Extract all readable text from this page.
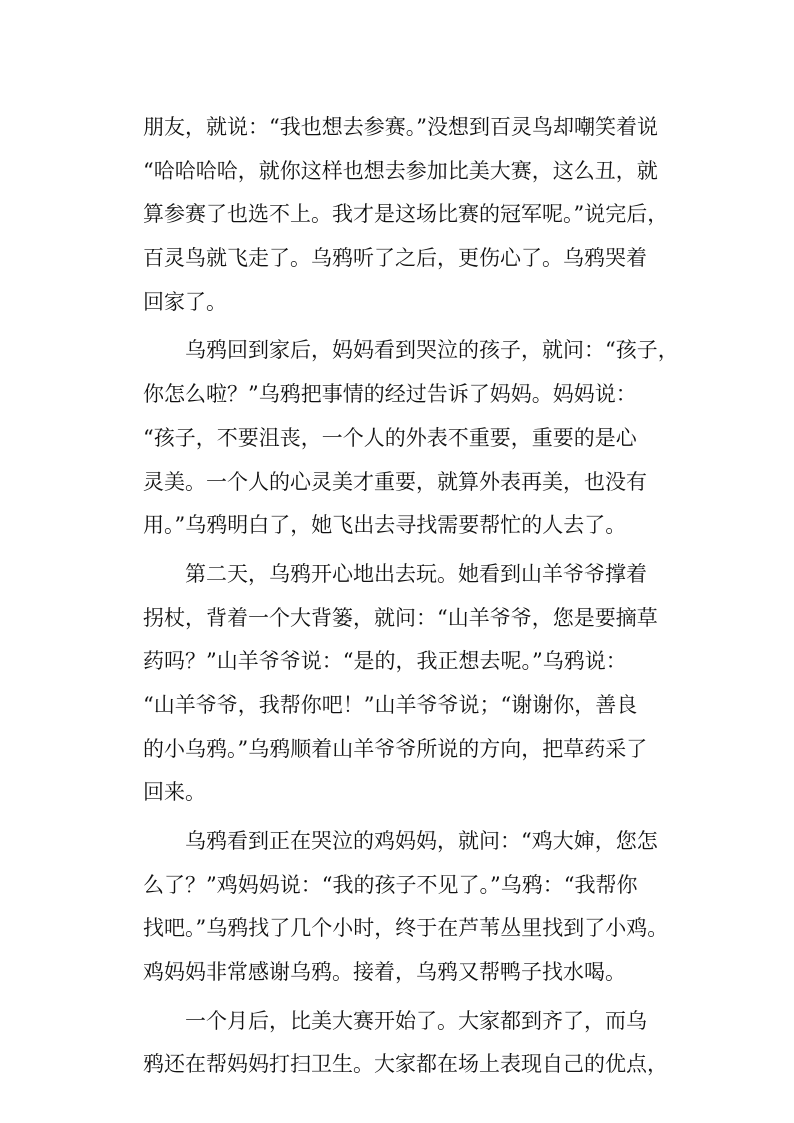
朋友，就说：“我也想去参赛。”没想到百灵鸟却嘲笑着说
“哈哈哈哈，就你这样也想去参加比美大赛，这么丑，就
算参赛了也选不上。我才是这场比赛的冠军呢。”说完后，
百灵鸟就飞走了。乌鸦听了之后，更伤心了。乌鸦哭着
回家了。
　　乌鸦回到家后，妈妈看到哭泣的孩子，就问：“孩子，
你怎么啦？”乌鸦把事情的经过告诉了妈妈。妈妈说：
“孩子，不要沮丧，一个人的外表不重要，重要的是心
灵美。一个人的心灵美才重要，就算外表再美，也没有
用。”乌鸦明白了，她飞出去寻找需要帮忙的人去了。
　　第二天，乌鸦开心地出去玩。她看到山羊爷爷撑着
拐杖，背着一个大背篓，就问：“山羊爷爷，您是要摘草
药吗？”山羊爷爷说：“是的，我正想去呢。”乌鸦说：
“山羊爷爷，我帮你吧！”山羊爷爷说；“谢谢你，善良
的小乌鸦。”乌鸦顺着山羊爷爷所说的方向，把草药采了
回来。
　　乌鸦看到正在哭泣的鸡妈妈，就问：“鸡大婶，您怎
么了？”鸡妈妈说：“我的孩子不见了。”乌鸦：“我帮你
找吧。”乌鸦找了几个小时，终于在芦苇丛里找到了小鸡。
鸡妈妈非常感谢乌鸦。接着，乌鸦又帮鸭子找水喝。
　　一个月后，比美大赛开始了。大家都到齐了，而乌
鸦还在帮妈妈打扫卫生。大家都在场上表现自己的优点，
